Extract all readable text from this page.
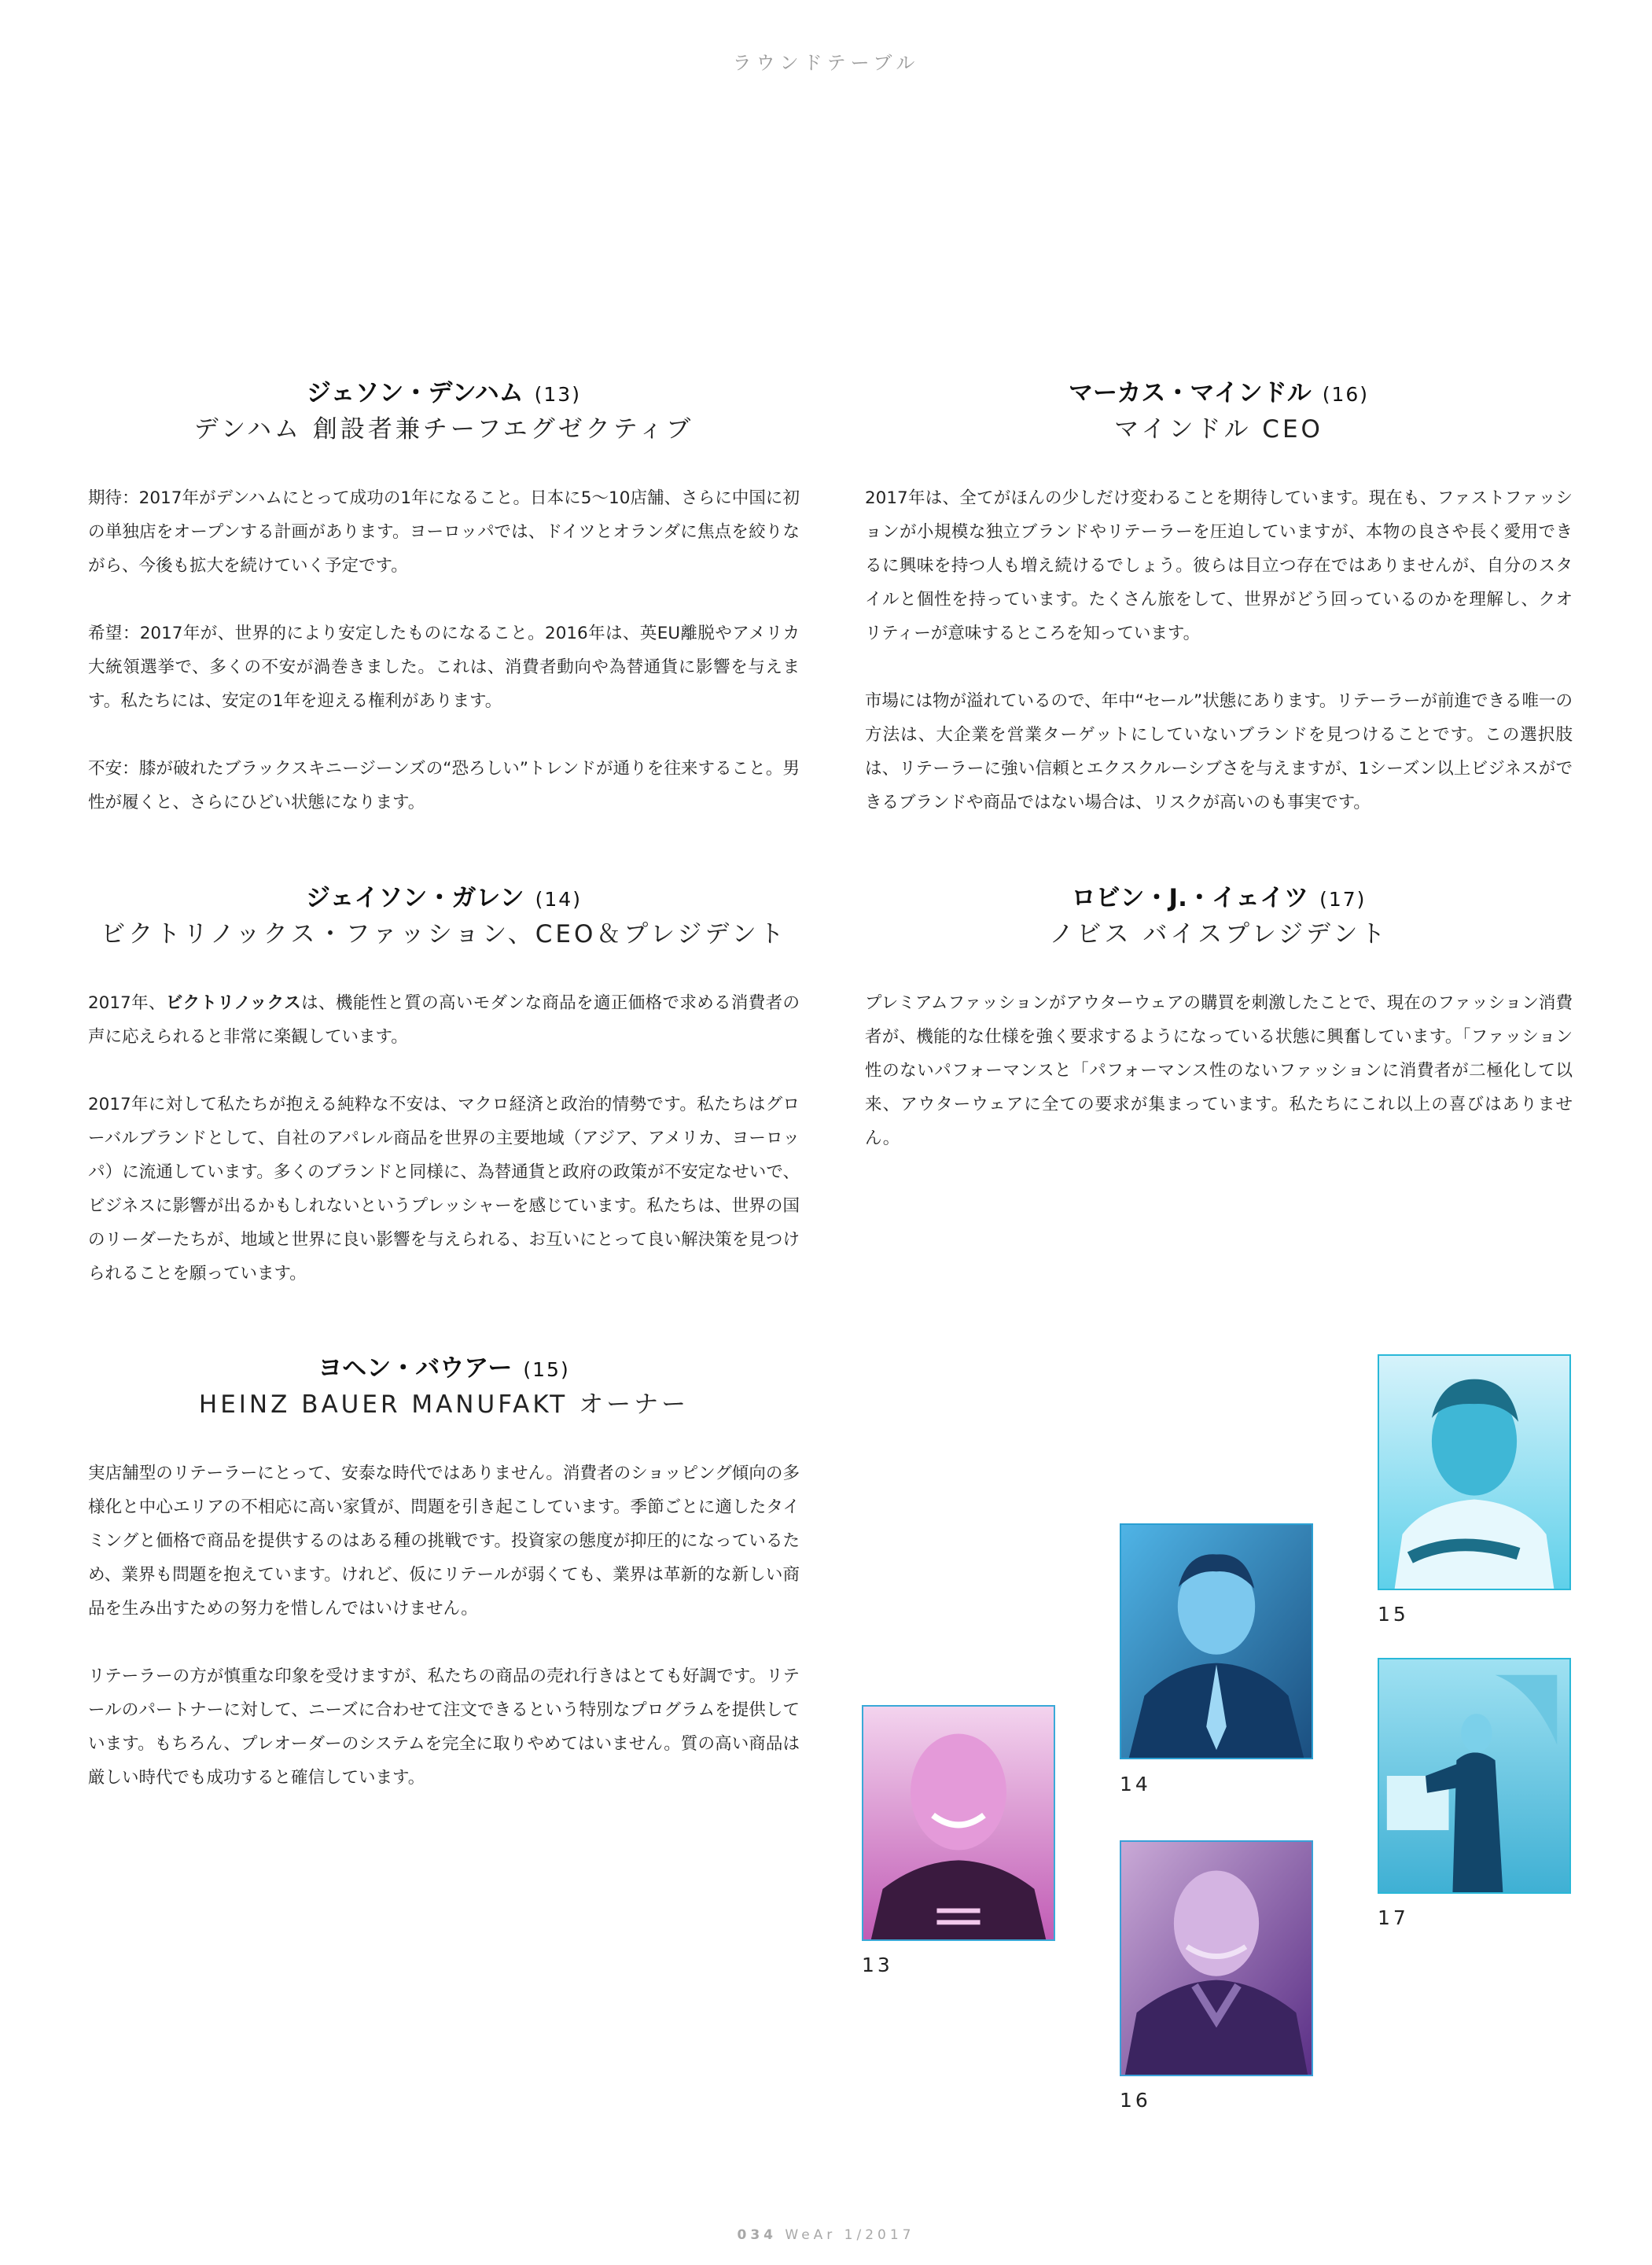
ラウンドテーブル
ジェソン・デンハム (13)
デンハム 創設者兼チーフエグゼクティブ

期待：2017年がデンハムにとって成功の1年になること。日本に5〜10店舗、さらに中国に初の単独店をオープンする計画があります。ヨーロッパでは、ドイツとオランダに焦点を絞りながら、今後も拡大を続けていく予定です。

希望：2017年が、世界的により安定したものになること。2016年は、英EU離脱やアメリカ大統領選挙で、多くの不安が渦巻きました。これは、消費者動向や為替通貨に影響を与えます。私たちには、安定の1年を迎える権利があります。

不安：膝が破れたブラックスキニージーンズの“恐ろしい”トレンドが通りを往来すること。男性が履くと、さらにひどい状態になります。

ジェイソン・ガレン (14)
ビクトリノックス・ファッション、CEO＆プレジデント

2017年、ビクトリノックスは、機能性と質の高いモダンな商品を適正価格で求める消費者の声に応えられると非常に楽観しています。

2017年に対して私たちが抱える純粋な不安は、マクロ経済と政治的情勢です。私たちはグローバルブランドとして、自社のアパレル商品を世界の主要地域（アジア、アメリカ、ヨーロッパ）に流通しています。多くのブランドと同様に、為替通貨と政府の政策が不安定なせいで、ビジネスに影響が出るかもしれないというプレッシャーを感じています。私たちは、世界の国のリーダーたちが、地域と世界に良い影響を与えられる、お互いにとって良い解決策を見つけられることを願っています。

ヨヘン・バウアー (15)
HEINZ BAUER MANUFAKT オーナー

実店舗型のリテーラーにとって、安泰な時代ではありません。消費者のショッピング傾向の多様化と中心エリアの不相応に高い家賃が、問題を引き起こしています。季節ごとに適したタイミングと価格で商品を提供するのはある種の挑戦です。投資家の態度が抑圧的になっているため、業界も問題を抱えています。けれど、仮にリテールが弱くても、業界は革新的な新しい商品を生み出すための努力を惜しんではいけません。

リテーラーの方が慎重な印象を受けますが、私たちの商品の売れ行きはとても好調です。リテールのパートナーに対して、ニーズに合わせて注文できるという特別なプログラムを提供しています。もちろん、プレオーダーのシステムを完全に取りやめてはいません。質の高い商品は厳しい時代でも成功すると確信しています。

マーカス・マインドル (16)
マインドル CEO

2017年は、全てがほんの少しだけ変わることを期待しています。現在も、ファストファッションが小規模な独立ブランドやリテーラーを圧迫していますが、本物の良さや長く愛用できるに興味を持つ人も増え続けるでしょう。彼らは目立つ存在ではありませんが、自分のスタイルと個性を持っています。たくさん旅をして、世界がどう回っているのかを理解し、クオリティーが意味するところを知っています。

市場には物が溢れているので、年中“セール”状態にあります。リテーラーが前進できる唯一の方法は、大企業を営業ターゲットにしていないブランドを見つけることです。この選択肢は、リテーラーに強い信頼とエクスクルーシブさを与えますが、1シーズン以上ビジネスができるブランドや商品ではない場合は、リスクが高いのも事実です。

ロビン・J.・イェイツ (17)
ノビス バイスプレジデント

プレミアムファッションがアウターウェアの購買を刺激したことで、現在のファッション消費者が、機能的な仕様を強く要求するようになっている状態に興奮しています。「ファッション性のないパフォーマンスと「パフォーマンス性のないファッションに消費者が二極化して以来、アウターウェアに全ての要求が集まっています。私たちにこれ以上の喜びはありません。

15
14
17
13
16
034 WeAr 1/2017
